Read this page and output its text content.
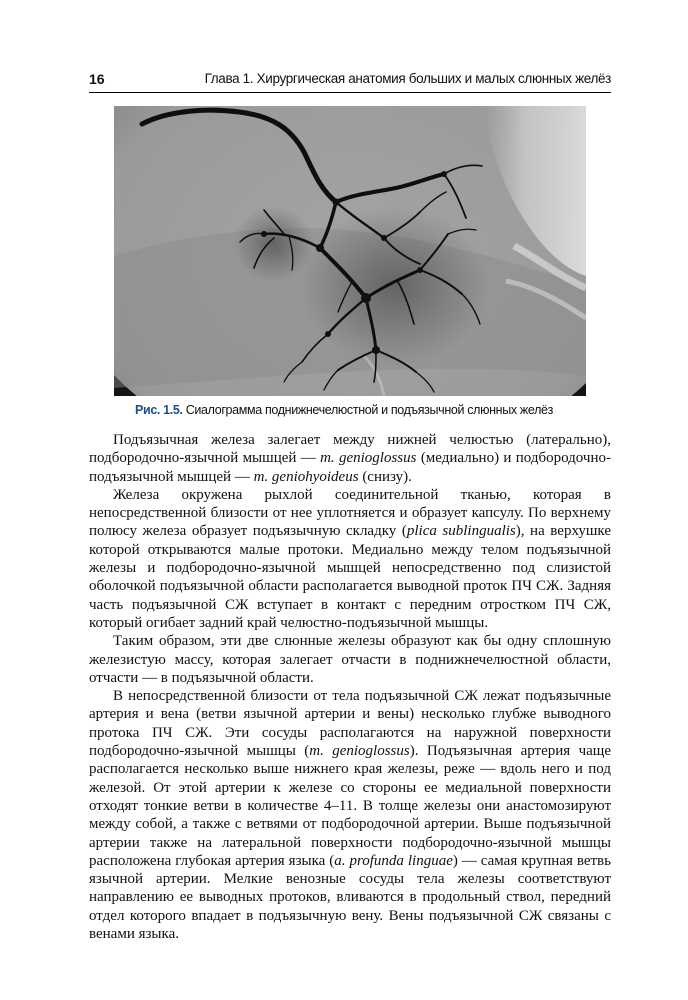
16	Глава 1. Хирургическая анатомия больших и малых слюнных желёз
Рис. 1.5. Сиалограмма поднижнечелюстной и подъязычной слюнных желёз

Подъязычная железа залегает между нижней челюстью (латерально), подбородочно-язычной мышцей — m. genioglossus (медиально) и подбородочно-подъязычной мышцей — m. geniohyoideus (снизу).

Железа окружена рыхлой соединительной тканью, которая в непосредственной близости от нее уплотняется и образует капсулу. По верхнему полюсу железа образует подъязычную складку (plica sublingualis), на верхушке которой открываются малые протоки. Медиально между телом подъязычной железы и подбородочно-язычной мышцей непосредственно под слизистой оболочкой подъязычной области располагается выводной проток ПЧ СЖ. Задняя часть подъязычной СЖ вступает в контакт с передним отростком ПЧ СЖ, который огибает задний край челюстно-подъязычной мышцы.

Таким образом, эти две слюнные железы образуют как бы одну сплошную железистую массу, которая залегает отчасти в поднижнечелюстной области, отчасти — в подъязычной области.

В непосредственной близости от тела подъязычной СЖ лежат подъязычные артерия и вена (ветви язычной артерии и вены) несколько глубже выводного протока ПЧ СЖ. Эти сосуды располагаются на наружной поверхности подбородочно-язычной мышцы (m. genioglossus). Подъязычная артерия чаще располагается несколько выше нижнего края железы, реже — вдоль него и под железой. От этой артерии к железе со стороны ее медиальной поверхности отходят тонкие ветви в количестве 4–11. В толще железы они анастомозируют между собой, а также с ветвями от подбородочной артерии. Выше подъязычной артерии также на латеральной поверхности подбородочно-язычной мышцы расположена глубокая артерия языка (a. profunda linguae) — самая крупная ветвь язычной артерии. Мелкие венозные сосуды тела железы соответствуют направлению ее выводных протоков, вливаются в продольный ствол, передний отдел которого впадает в подъязычную вену. Вены подъязычной СЖ связаны с венами языка.
